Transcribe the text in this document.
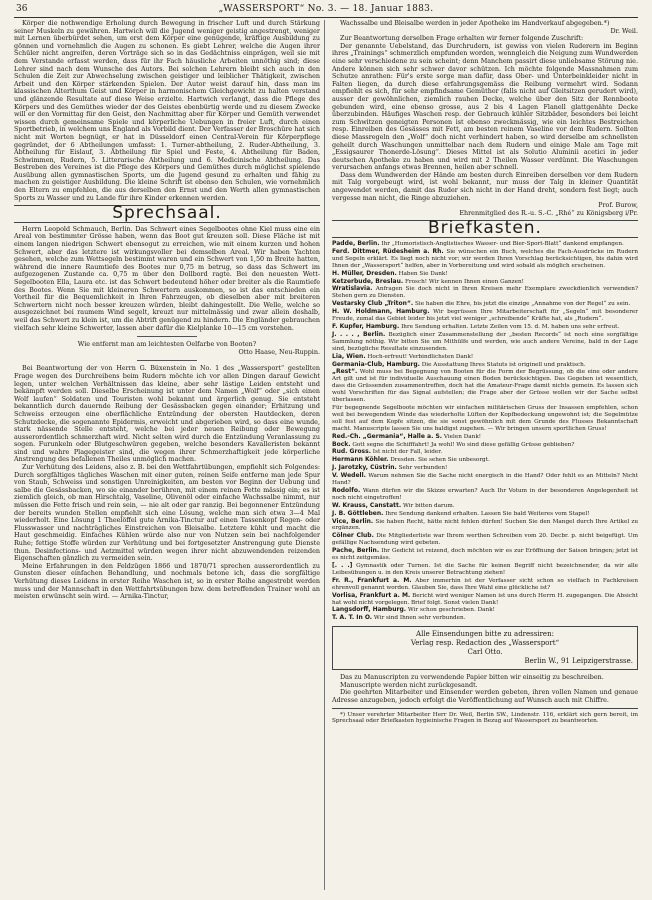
36	„WASSERSPORT“ No. 3. — 18. Januar 1883.

Körper die nothwendige Erholung durch Bewegung in frischer Luft und durch Stärkung seiner Muskeln zu gewähren. Hartwich will die Jugend weniger geistig angestrengt, weniger mit Lernen überbürdet sehen, um erst dem Körper eine genügende, kräftige Ausbildung zu gönnen und vornehmlich die Augen zu schonen. Es giebt Lehrer, welche die Augen ihrer Schüler nicht angreifen, deren Vorträge sich so in das Gedächtniss einprägen, weil sie mit dem Verstande erfasst werden, dass für ihr Fach häusliche Arbeiten unnöthig sind; diese Lehrer sind nach dem Wunsche des Autors. Bei solchen Lehrern bleibt sich auch in den Schulen die Zeit zur Abwechselung zwischen geistiger und leiblicher Thätigkeit, zwischen Arbeit und den Körper stärkenden Spielen. Der Autor weist darauf hin, dass man im klassischen Alterthum Geist und Körper in harmonischem Gleichgewicht zu halten verstand und glänzende Resultate auf diese Weise erzielte. Hartwich verlangt, dass die Pflege des Körpers und des Gemüthes wieder der des Geistes ebenbürtig werde und zu diesem Zwecke will er den Vormittag für den Geist, den Nachmittag aber für Körper und Gemüth verwendet wissen durch gemeinsame Spiele und körperliche Uebungen in freier Luft, durch einen Sportbetrieb, in welchem uns England als Vorbild dient. Der Verfasser der Broschüre hat sich nicht mit Worten begnügt, er hat in Düsseldorf einen Central-Verein für Körperpflege gegründet, der 6 Abtheilungen umfasst: 1. Turner-abtheilung, 2. Ruder-Abtheilung, 3. Abtheilung für Eislauf, 3. Abtheilung für Spiel und Feste, 4. Abtheilung für Baden, Schwimmen, Rudern, 5. Litterarische Abtheilung und 6. Medicinische Abtheilung. Das Bestreben des Vereines ist die Pflege des Körpers und Gemüthes durch möglichst spielende Ausübung allen gymnastischen Sports, um die Jugend gesund zu erhalten und fähig zu machen zu geistiger Ausbildung. Die kleine Schrift ist ebenso den Schulen, wie vornehmlich den Eltern zu empfehlen, die aus derselben den Ernst und den Werth allen gymnastischen Sports zu Wasser und zu Lande für ihre Kinder erkennen werden.

Sprechsaal.

Herrn Leopold Schmauch, Berlin. Das Schwert eines Segelbootes ohne Kiel muss eine ein Areal von bestimmter Grösse haben, wenn das Boot gut kreuzen soll. Diese Fläche ist mit einem langen niedrigen Schwert ebensogut zu erreichen, wie mit einem kurzen und hohen Schwert, aber das letztere ist wirkungsvoller bei demselben Areal. Wir haben Yachten gesehen, welche zum Wettsegeln bestimmt waren und ein Schwert von 1,50 m Breite hatten, während die innere Raumtiefe des Bootes nur 0,75 m betrug, so dass das Schwert im aufgezogenen Zustande ca. 0,75 m über den Dollbord ragte. Bei den neuesten Wett-Segelbooten Ella, Laura etc. ist das Schwert bedeutend höher oder breiter als die Raumtiefe des Bootes. Wenn Sie mit kleineren Schwertern auskommen, so ist das entschieden ein Vortheil für die Bequemlichkeit in Ihren Fahrzeugen, ob dieselben aber mit breiteren Schwertern nicht noch besser kreuzen würden, bleibt dahingestellt. Die Welle, welche so ausgezeichnet bei raumem Wind segelt, kreuzt nur mittelmässig und zwar allein deshalb, weil das Schwert zu klein ist, um die Abtrift genügend zu hindern. Die Engländer gebrauchen vielfach sehr kleine Schwerter, lassen aber dafür die Kielplanke 10—15 cm vorstehen.

Wie entfernt man am leichtesten Oelfarbe von Booten?

Otto Haase, Neu-Ruppin.

Bei Beantwortung der von Herrn G. Büxenstein in No. 1 des „Wassersport“ gestellten Frage wegen des Durchreibens beim Rudern möchte ich vor allen Dingen darauf Gewicht legen, unter welchen Verhältnissen das kleine, aber sehr lästige Leiden entsteht und bekämpft werden soll. Dieselbe Erscheinung ist unter dem Namen „Wolf“ oder „sich einen Wolf laufen“ Soldaten und Touristen wohl bekannt und ärgerlich genug. Sie entsteht bekanntlich durch dauernde Reibung der Gesässbacken gegen einander; Erhitzung und Schweiss erzeugen eine oberflächliche Entzündung der obersten Hautdecken, deren Schutzdecke, die sogenannte Epidermis, erweicht und abgerieben wird, so dass eine wunde, stark nässende Stelle entsteht, welche bei jeder neuen Reibung oder Bewegung ausserordentlich schmerzhaft wird. Nicht selten wird durch die Entzündung Veranlassung zu sogen. Furunkeln oder Blutgeschwüren gegeben, welche besonders Kavalleristen bekannt sind und wahre Plagegeister sind, die wegen ihrer Schmerzhaftigkeit jede körperliche Anstrengung des befallenen Theiles unmöglich machen.

Zur Verhütung des Leidens, also z. B. bei den Wettfahrtübungen, empfiehlt sich Folgendes: Durch sorgfältiges tägliches Waschen mit einer guten, reinen Seife entferne man jede Spur von Staub, Schweiss und sonstigen Unreinigkeiten, am besten vor Beginn der Uebung und salbe die Gesässbacken, wo sie einander berühren, mit einem reinen Fette mässig ein; es ist ziemlich gleich, ob man Hirschtalg, Vaseline, Olivenöl oder einfache Wachssalbe nimmt, nur müssen die Fette frisch und rein sein, — nie alt oder gar ranzig. Bei begonnener Entzündung der bereits wunden Stellen empfiehlt sich eine Lösung, welche man sich etwa 3—4 Mal wiederholt. Eine Lösung 1 Theelöffel gute Arnika-Tinctur auf einen Tassenkopf Regen- oder Flusswasser und nachträgliches Einstreichen von Bleisalbe. Letztere kühlt und macht die Haut geschmeidig. Einfaches Kühlen würde also nur von Nutzen sein bei nachfolgender Ruhe; fettige Stoffe würden zur Verhütung und bei fortgesetzter Anstrengung gute Dienste thun. Desinfections- und Aetzmittel würden wegen ihrer nicht abzuwendenden reizenden Eigenschaften gänzlich zu vermeiden sein.

Meine Erfahrungen in den Feldzügen 1866 und 1870/71 sprechen ausserordentlich zu Gunsten dieser einfachen Behandlung, und nochmals betone ich, dass die sorgfältige Verhütung dieses Leidens in erster Reihe Waschen ist, so in erster Reihe angestrebt werden muss und der Mannschaft in den Wettfahrtsübungen bzw. dem betreffenden Trainer wohl an meisten erwünscht sein wird. — Arnika-Tinctur,

Wachssalbe und Bleisalbe werden in jeder Apotheke im Handverkauf abgegeben.*)

Dr. Weil.

Zur Beantwortung derselben Frage erhalten wir ferner folgende Zuschrift:

Der genannte Uebelstand, das Durchrudern, ist gewiss von vielen Ruderern im Beginn ihres „Trainings“ schmerzlich empfunden worden, wenngleich die Neigung zum Wundwerden eine sehr verschiedene zu sein scheint; denn Manchem passirt diese unliebsame Störung nie. Andere können sich sehr schwer davor schützen. Ich möchte folgende Massnahmen zum Schutze anrathen: Für's erste sorge man dafür, dass Ober- und Unterbeinkleider nicht in Falten liegen, da durch diese erfahrungsgemäss die Reibung vermehrt wird. Sodann empfiehlt es sich, für sehr empfindsame Gemüther (falls nicht auf Gleitsitzen gerudert wird), ausser der gewöhnlichen, ziemlich rauhen Decke, welche über den Sitz der Rennboote gebunden wird, eine ebenso grosse, aus 2 bis 4 Lagen Flanell glattgenähte Decke überzubinden. Häufiges Waschen resp. der Gebrauch kühler Sitzbäder, besonders bei leicht zum Schwitzen geneigten Personen ist ebenso zweckmässig, wie ein leichtes Bestreichen resp. Einreiben des Gesässes mit Fett, am besten reinem Vaseline vor dem Rudern. Sollten diese Massregeln den „Wolf“ doch nicht verhindert haben, so wird derselbe am schnellsten geheilt durch Waschungen unmittelbar nach dem Rudern und einige Male am Tage mit „Essigsaurer Thonerde-Lösung“. Dieses Mittel ist als Solutio Aluminii acetici in jeder deutschen Apotheke zu haben und wird mit 2 Theilen Wasser verdünnt. Die Waschungen verursachen anfangs etwas Brennen, heilen aber schnell.

Dass dem Wundwerden der Hände am besten durch Einreiben derselben vor dem Rudern mit Talg vorgebeugt wird, ist wohl bekannt, nur muss der Talg in kleiner Quantität angewendet werden, damit das Ruder sich nicht in der Hand dreht, sondern fest liegt; auch vergesse man nicht, die Ringe abzuziehen.

Prof. Burow,

Ehrenmitglied des R.-u. S.-C. „Rhé“ zu Königsberg i/Pr.

Briefkasten.

Padde, Berlin. Ihr „Humoristisch-Anglistisches Wasser- und Bier-Sport-Blatt“ dankend empfangen.

Ferd. Dittmer, Rüdesheim a. Rh. Sie wünschen ein Buch, welches die Fach-Ausdrücke im Rudern und Segeln erklärt. Es liegt noch nicht vor; wir werden Ihren Vorschlag berücksichtigen, bis dahin wird Ihnen der „Wassersport“ helfen, aber in Vorbereitung und wird sobald als möglich erscheinen.

H. Müller, Dresden. Haben Sie Dank!

Ketzerbude, Breslau. Frosch! Wir kennen Ihnen einen Ganzen!

Wratislavia. Anfragen Sie doch nicht in Ihren Kreisen mehr Exemplare zweckdienlich verwenden? Stehen gern zu Diensten.

Vestarsky Club „Triton“. Sie haben die Ehre, bis jetzt die einzige „Annahme von der Regel“ zu sein.

H. W. Holdmann, Hamburg. Wir begrüssen Ihre Mitarbeiterschaft für „Segeln“ mit besonderer Freude, zumal das Gebiet leider bis jetzt viel weniger „schreibende“ Kräfte hat, als „Rudern“.

F. Kupfer, Hamburg. Ihre Sendung erhalten. Letzte Zeilen vom 15. d. M. haben uns sehr erfreut.

J. . . . , Berlin. Bezüglich einer Zusammenstellung der „besten Records“ ist noch eine sorgfältige Sammlung nöthig. Wir bitten Sie um Mithülfe und werden, wie auch andere Vereine, bald in der Lage sind, bezügliche Resultate einzusenden.

Lia, Wien. Hoch-erfreut! Verbindlichsten Dank!

Germania-Club, Hamburg. Die Ausstattung Ihres Statuts ist originell und praktisch.

„Rest“. Wohl muss bei Begegnung von Booten für die Form der Begrüssung, ob die eine oder andere Art gilt und ist für individuelle Auschauung einen Boden berücksichtigen. Das Gegeben ist wesentlich, dass die Grüssenden zusammentreffen, doch hat die Amateur-Frage damit nichts gemein. Es lassen sich wohl Vorschriften für das Signal aufstellen; die Frage aber der Grüsse wollen wir der Sache selbst überlassen.

Für begegnende Segelboote möchten wir einfachen militärischen Gruss der Insassen empfehlen, schon weil bei bewegendem Winde das wiederholte Lüften der Kopfbedeckung ungewohnt ist; die Segelmütze soll fest auf dem Kopfe sitzen, die sie sonst gewöhnlich mit dem Grunde des Flusses Bekanntschaft macht. Manuscripte lassen Sie uns baldigst zugehen. — Wir bringen unsern sportlichen Gruss!

Red.-Ch. „Germania“, Halle a. S. Vielen Dank!

Bock. Gott segne die Schifffahrt! Ja wohl! Wo sind diese gefällig Grüsse geblieben?

Rud. Gross. Ist nicht der Fall, leider.

Hermann Köhler. Dresden. Sie sehen Sie unbesorgt.

J. Jarotzky, Cüstrin. Sehr verbunden!

V. Wedell. Warum nehmen Sie die Sache nicht energisch in die Hand? Oder fehlt es an Mitteln? Nicht Hand?

Rodolfo. Wann dürfen wir die Skizze erwarten? Auch Ihr Votum in der besonderen Angelegenheit ist noch nicht eingetroffen!

W. Krauss, Canstatt. Wir bitten darum.

J. B. Göttleben. Ihre Sendung dankend erhalten. Lassen Sie bald Weiteres vom Stapel!

Vice, Berlin. Sie haben Recht, hätte nicht fehlen dürfen! Suchen Sie den Mangel durch Ihre Artikel zu ergänzen.

Cölner Club. Die Mitgliederliste war Ihrem werthen Schreiben vom 20. Decbr. p. nicht beigefügt. Um gefällige Nachsendung wird gebeten.

Pache, Berlin. Ihr Gedicht ist reizend, doch möchten wir es zur Eröffnung der Saison bringen; jetzt ist es nicht zeitgemäss.

[. . .] Gymnastik oder Turnen. Ist die Sache für keinen Begriff nicht bezeichnender, da wir alle Leibesübungen u. in den Kreis unserer Betrachtung ziehen!

Fr. R., Frankfurt a. M. Aber immerhin ist der Verfasser sicht schon so vielfach in Fachkreisen ehrenvoll genannt worden. Glauben Sie, dass Ihre Wahl eine glückliche ist?

Vorlisa, Frankfurt a. M. Bericht wird weniger Namen ist uns durch Herrn H. zugegangen. Die Absicht hat wohl nicht vorgelegen. Brief folgt. Sonst vielen Dank!

Langsdorff, Hamburg. Wir schon geschrieben. Dank!

T. A. T. In O. Wir sind Ihnen sehr verbunden.

Alle Einsendungen bitte zu adressiren:
Verlag resp. Redaction des „Wassersport“
Carl Otto.
Berlin W., 91 Leipzigerstrasse.

Das zu Manuscripten zu verwendende Papier bitten wir einseitig zu beschreiben.

Manuscripte werden nicht zurückgesandt.

Die geehrten Mitarbeiter und Einsender werden gebeten, ihren vollen Namen und genaue Adresse anzugeben, jedoch erfolgt die Veröffentlichung auf Wunsch auch mit Chiffre.

*) Unser verehrter Mitarbeiter Herr Dr. Weil, Berlin SW., Lindenstr. 116, erklärt sich gern bereit, im Sprechsaal oder Briefkasten hygieinische Fragen in Bezug auf Wassersport zu beantworten.
